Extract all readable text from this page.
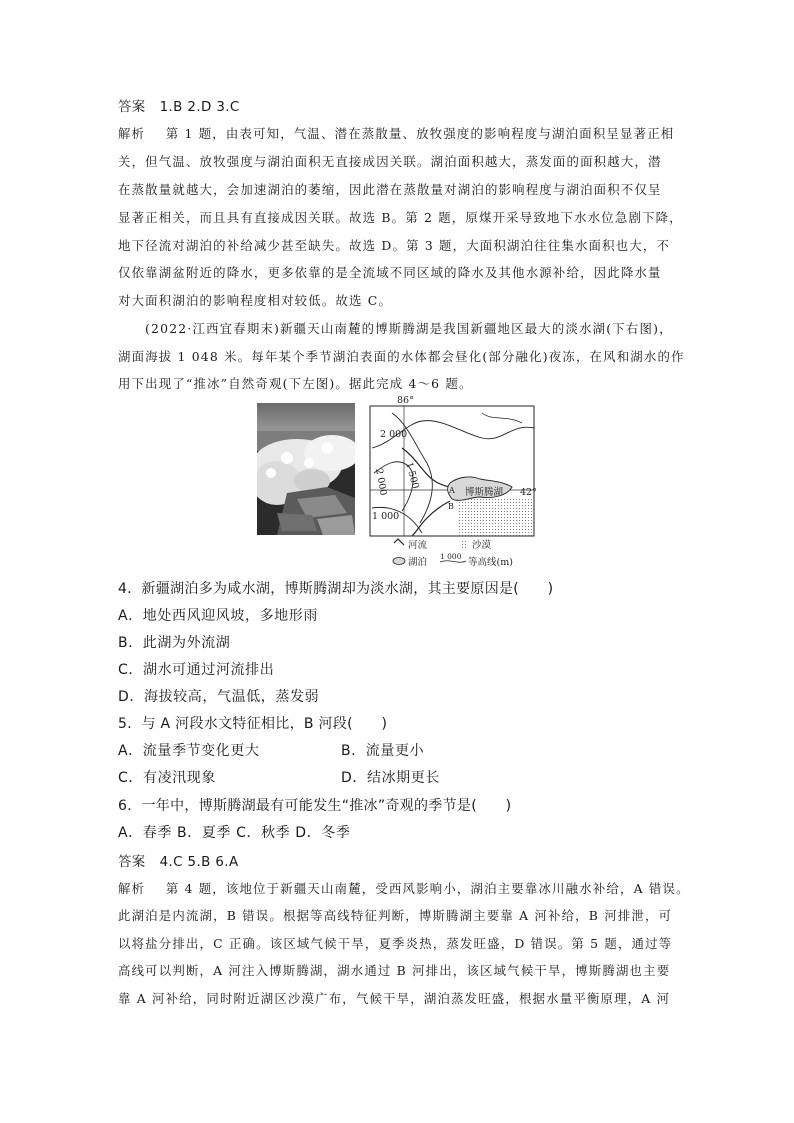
答案 1.B 2.D 3.C
解析 第 1 题，由表可知，气温、潜在蒸散量、放牧强度的影响程度与湖泊面积呈显著正相
关，但气温、放牧强度与湖泊面积无直接成因关联。湖泊面积越大，蒸发面的面积越大，潜
在蒸散量就越大，会加速湖泊的萎缩，因此潜在蒸散量对湖泊的影响程度与湖泊面积不仅呈
显著正相关，而且具有直接成因关联。故选 B。第 2 题，原煤开采导致地下水水位急剧下降，
地下径流对湖泊的补给减少甚至缺失。故选 D。第 3 题，大面积湖泊往往集水面积也大，不
仅依靠湖盆附近的降水，更多依靠的是全流域不同区域的降水及其他水源补给，因此降水量
对大面积湖泊的影响程度相对较低。故选 C。
(2022·江西宜春期末)新疆天山南麓的博斯腾湖是我国新疆地区最大的淡水湖(下右图)，
湖面海拔 1 048 米。每年某个季节湖泊表面的水体都会昼化(部分融化)夜冻，在风和湖水的作
用下出现了“推冰”自然奇观(下左图)。据此完成 4～6 题。
86°
42°
博斯腾湖
A
B
2 000
1 500
2 000
1 000
河流	沙漠
湖泊
1 000
等高线(m)
4．新疆湖泊多为咸水湖，博斯腾湖却为淡水湖，其主要原因是(　　)
A．地处西风迎风坡，多地形雨
B．此湖为外流湖
C．湖水可通过河流排出
D．海拔较高，气温低，蒸发弱
5．与 A 河段水文特征相比，B 河段(　　)
A．流量季节变化更大	B．流量更小
C．有凌汛现象	D．结冰期更长
6．一年中，博斯腾湖最有可能发生“推冰”奇观的季节是(　　)
A．春季 B．夏季 C．秋季 D．冬季
答案 4.C 5.B 6.A
解析 第 4 题，该地位于新疆天山南麓，受西风影响小，湖泊主要靠冰川融水补给，A 错误。
此湖泊是内流湖，B 错误。根据等高线特征判断，博斯腾湖主要靠 A 河补给，B 河排泄，可
以将盐分排出，C 正确。该区域气候干旱，夏季炎热，蒸发旺盛，D 错误。第 5 题，通过等
高线可以判断，A 河注入博斯腾湖，湖水通过 B 河排出，该区域气候干旱，博斯腾湖也主要
靠 A 河补给，同时附近湖区沙漠广布，气候干旱，湖泊蒸发旺盛，根据水量平衡原理，A 河
